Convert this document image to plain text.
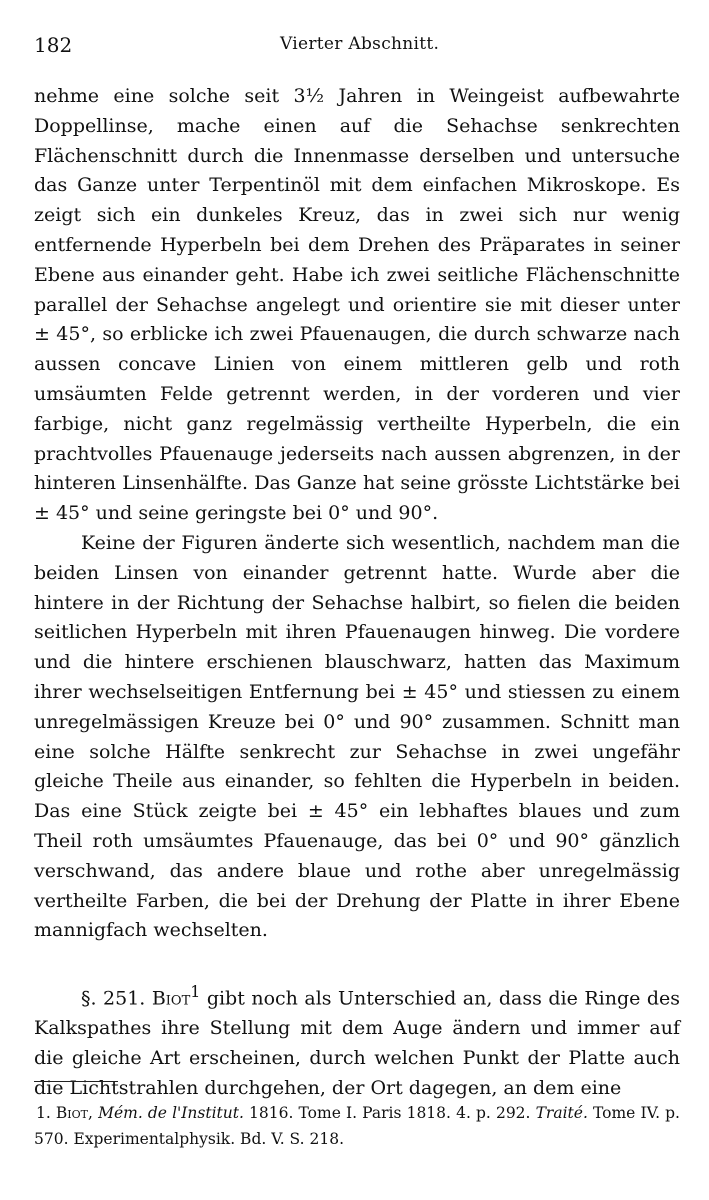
182	Vierter Abschnitt.

nehme eine solche seit 3½ Jahren in Weingeist aufbewahrte Doppellinse, mache einen auf die Sehachse senkrechten Flächenschnitt durch die Innenmasse derselben und untersuche das Ganze unter Terpentinöl mit dem einfachen Mikroskope. Es zeigt sich ein dunkeles Kreuz, das in zwei sich nur wenig entfernende Hyperbeln bei dem Drehen des Präparates in seiner Ebene aus einander geht. Habe ich zwei seitliche Flächenschnitte parallel der Sehachse angelegt und orientire sie mit dieser unter ± 45°, so erblicke ich zwei Pfauenaugen, die durch schwarze nach aussen concave Linien von einem mittleren gelb und roth umsäumten Felde getrennt werden, in der vorderen und vier farbige, nicht ganz regelmässig vertheilte Hyperbeln, die ein prachtvolles Pfauenauge jederseits nach aussen abgrenzen, in der hinteren Linsenhälfte. Das Ganze hat seine grösste Lichtstärke bei ± 45° und seine geringste bei 0° und 90°.

Keine der Figuren änderte sich wesentlich, nachdem man die beiden Linsen von einander getrennt hatte. Wurde aber die hintere in der Richtung der Sehachse halbirt, so fielen die beiden seitlichen Hyperbeln mit ihren Pfauenaugen hinweg. Die vordere und die hintere erschienen blauschwarz, hatten das Maximum ihrer wechselseitigen Entfernung bei ± 45° und stiessen zu einem unregelmässigen Kreuze bei 0° und 90° zusammen. Schnitt man eine solche Hälfte senkrecht zur Sehachse in zwei ungefähr gleiche Theile aus einander, so fehlten die Hyperbeln in beiden. Das eine Stück zeigte bei ± 45° ein lebhaftes blaues und zum Theil roth umsäumtes Pfauenauge, das bei 0° und 90° gänzlich verschwand, das andere blaue und rothe aber unregelmässig vertheilte Farben, die bei der Drehung der Platte in ihrer Ebene mannigfach wechselten.

§. 251. Biot$^1$ gibt noch als Unterschied an, dass die Ringe des Kalkspathes ihre Stellung mit dem Auge ändern und immer auf die gleiche Art erscheinen, durch welchen Punkt der Platte auch die Lichtstrahlen durchgehen, der Ort dagegen, an dem eine

1. Biot, Mém. de l'Institut. 1816. Tome I. Paris 1818. 4. p. 292. Traité. Tome IV. p. 570. Experimentalphysik. Bd. V. S. 218.
